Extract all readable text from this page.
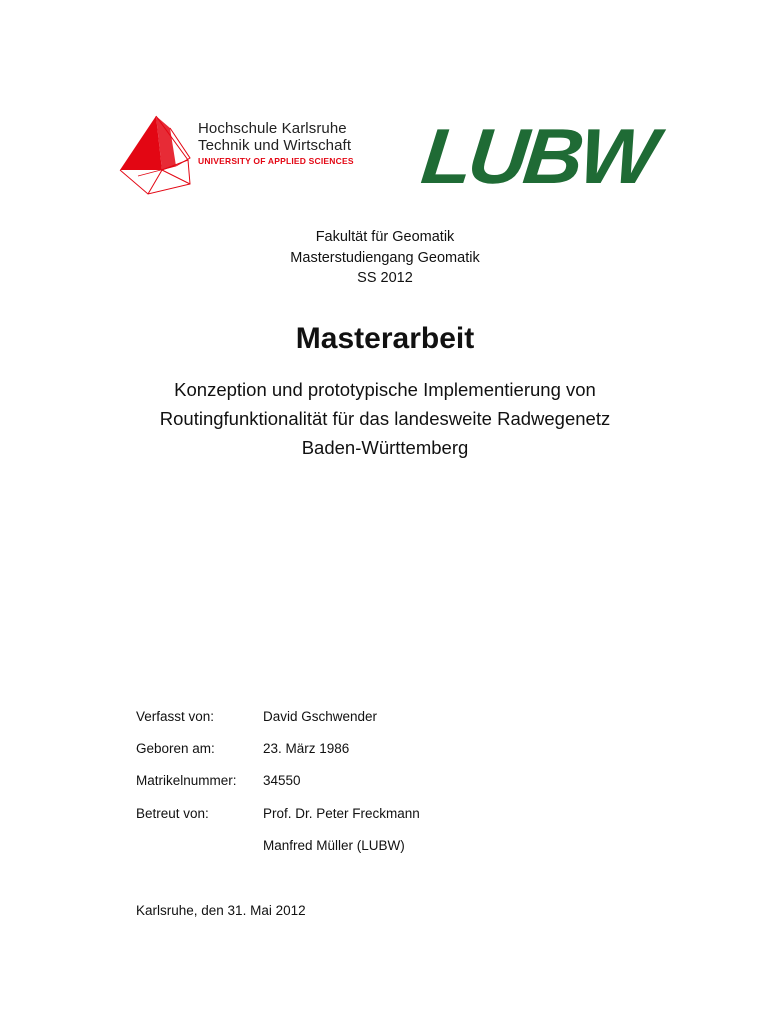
Hochschule Karlsruhe
Technik und Wirtschaft
UNIVERSITY OF APPLIED SCIENCES LUBW
Fakultät für Geomatik
Masterstudiengang Geomatik
SS 2012
Masterarbeit
Konzeption und prototypische Implementierung von
Routingfunktionalität für das landesweite Radwegenetz
Baden-Württemberg
Verfasst von:	David Gschwender
Geboren am:	23. März 1986
Matrikelnummer:	34550
Betreut von:	Prof. Dr. Peter Freckmann
Manfred Müller (LUBW)
Karlsruhe, den 31. Mai 2012
